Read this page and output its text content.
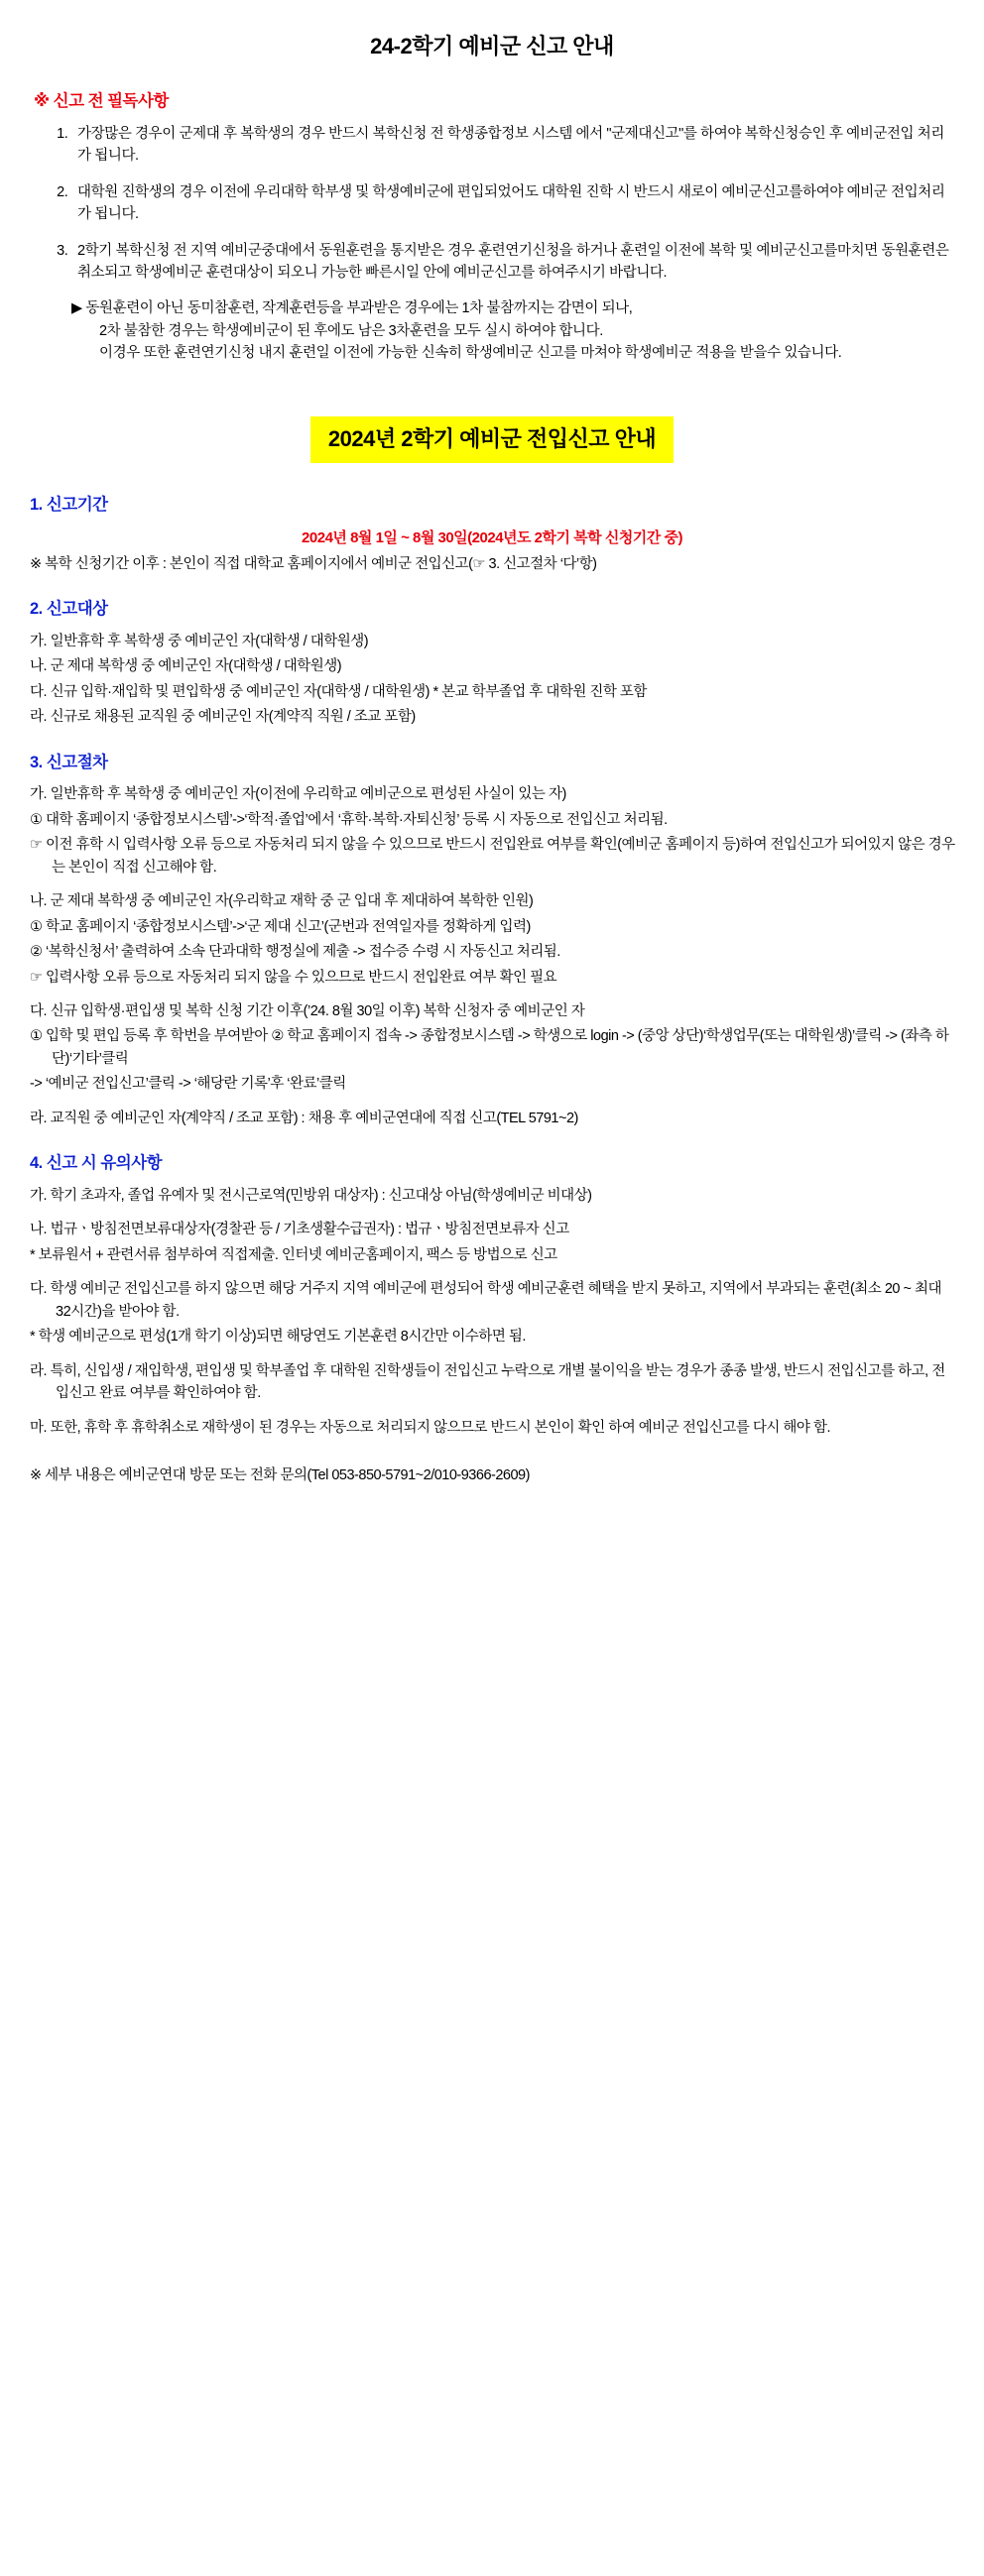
24-2학기 예비군 신고 안내
※ 신고 전 필독사항
1. 가장많은 경우이 군제대 후 복학생의 경우 반드시 복학신청 전 학생종합정보 시스템 에서 "군제대신고"를 하여야 복학신청승인 후 예비군전입 처리가 됩니다.
2. 대학원 진학생의 경우 이전에 우리대학 학부생 및 학생예비군에 편입되었어도 대학원 진학 시 반드시 새로이 예비군신고를하여야 예비군 전입처리가 됩니다.
3. 2학기 복학신청 전 지역 예비군중대에서 동원훈련을 통지받은 경우 훈련연기신청을 하거나 훈련일 이전에 복학 및 예비군신고를마치면 동원훈련은 취소되고 학생예비군 훈련대상이 되오니 가능한 빠른시일 안에 예비군신고를 하여주시기 바랍니다.
▶ 동원훈련이 아닌 동미참훈련, 작계훈련등을 부과받은 경우에는 1차 불참까지는 감면이 되나,
2차 불참한 경우는 학생예비군이 된 후에도 남은 3차훈련을 모두 실시 하여야 합니다.
이경우 또한 훈련연기신청 내지 훈련일 이전에 가능한 신속히 학생예비군 신고를 마쳐야 학생예비군 적용을 받을수 있습니다.
2024년 2학기 예비군 전입신고 안내
1. 신고기간
2024년 8월 1일 ~ 8월 30일(2024년도 2학기 복학 신청기간 중)

※ 복학 신청기간 이후 : 본인이 직접 대학교 홈페이지에서 예비군 전입신고(☞ 3. 신고절차 ‘다’항)

2. 신고대상

가. 일반휴학 후 복학생 중 예비군인 자(대학생 / 대학원생)

나. 군 제대 복학생 중 예비군인 자(대학생 / 대학원생)

다. 신규 입학·재입학 및 편입학생 중 예비군인 자(대학생 / 대학원생) * 본교 학부졸업 후 대학원 진학 포함

라. 신규로 채용된 교직원 중 예비군인 자(계약직 직원 / 조교 포함)

3. 신고절차

가. 일반휴학 후 복학생 중 예비군인 자(이전에 우리학교 예비군으로 편성된 사실이 있는 자)

① 대학 홈페이지 ‘종합정보시스템’->‘학적·졸업’에서 ‘휴학·복학·자퇴신청’ 등록 시 자동으로 전입신고 처리됨.

☞ 이전 휴학 시 입력사항 오류 등으로 자동처리 되지 않을 수 있으므로 반드시 전입완료 여부를 확인(예비군 홈페이지 등)하여 전입신고가 되어있지 않은 경우는 본인이 직접 신고해야 함.

나. 군 제대 복학생 중 예비군인 자(우리학교 재학 중 군 입대 후 제대하여 복학한 인원)

① 학교 홈페이지 ‘종합정보시스템’->‘군 제대 신고’(군번과 전역일자를 정확하게 입력)

② ‘복학신청서’ 출력하여 소속 단과대학 행정실에 제출 -> 접수증 수령 시 자동신고 처리됨.

☞ 입력사항 오류 등으로 자동처리 되지 않을 수 있으므로 반드시 전입완료 여부 확인 필요

다. 신규 입학생·편입생 및 복학 신청 기간 이후(’24. 8월 30일 이후) 복학 신청자 중 예비군인 자

① 입학 및 편입 등록 후 학번을 부여받아 ② 학교 홈페이지 접속 -> 종합정보시스템 -> 학생으로 login -> (중앙 상단)‘학생업무(또는 대학원생)’클릭 -> (좌측 하단)‘기타’클릭

-> ‘예비군 전입신고’클릭 -> ‘해당란 기록’후 ‘완료’클릭

라. 교직원 중 예비군인 자(계약직 / 조교 포함) : 채용 후 예비군연대에 직접 신고(TEL 5791~2)

4. 신고 시 유의사항

가. 학기 초과자, 졸업 유예자 및 전시근로역(민방위 대상자) : 신고대상 아님(학생예비군 비대상)

나. 법규ㆍ방침전면보류대상자(경찰관 등 / 기초생활수급권자) : 법규ㆍ방침전면보류자 신고

* 보류원서 + 관련서류 첨부하여 직접제출. 인터넷 예비군홈페이지, 팩스 등 방법으로 신고

다. 학생 예비군 전입신고를 하지 않으면 해당 거주지 지역 예비군에 편성되어 학생 예비군훈련 혜택을 받지 못하고, 지역에서 부과되는 훈련(최소 20 ~ 최대 32시간)을 받아야 함.

* 학생 예비군으로 편성(1개 학기 이상)되면 해당연도 기본훈련 8시간만 이수하면 됨.

라. 특히, 신입생 / 재입학생, 편입생 및 학부졸업 후 대학원 진학생들이 전입신고 누락으로 개별 불이익을 받는 경우가 종종 발생, 반드시 전입신고를 하고, 전입신고 완료 여부를 확인하여야 함.

마. 또한, 휴학 후 휴학취소로 재학생이 된 경우는 자동으로 처리되지 않으므로 반드시 본인이 확인 하여 예비군 전입신고를 다시 해야 함.

※ 세부 내용은 예비군연대 방문 또는 전화 문의(Tel 053-850-5791~2/010-9366-2609)
